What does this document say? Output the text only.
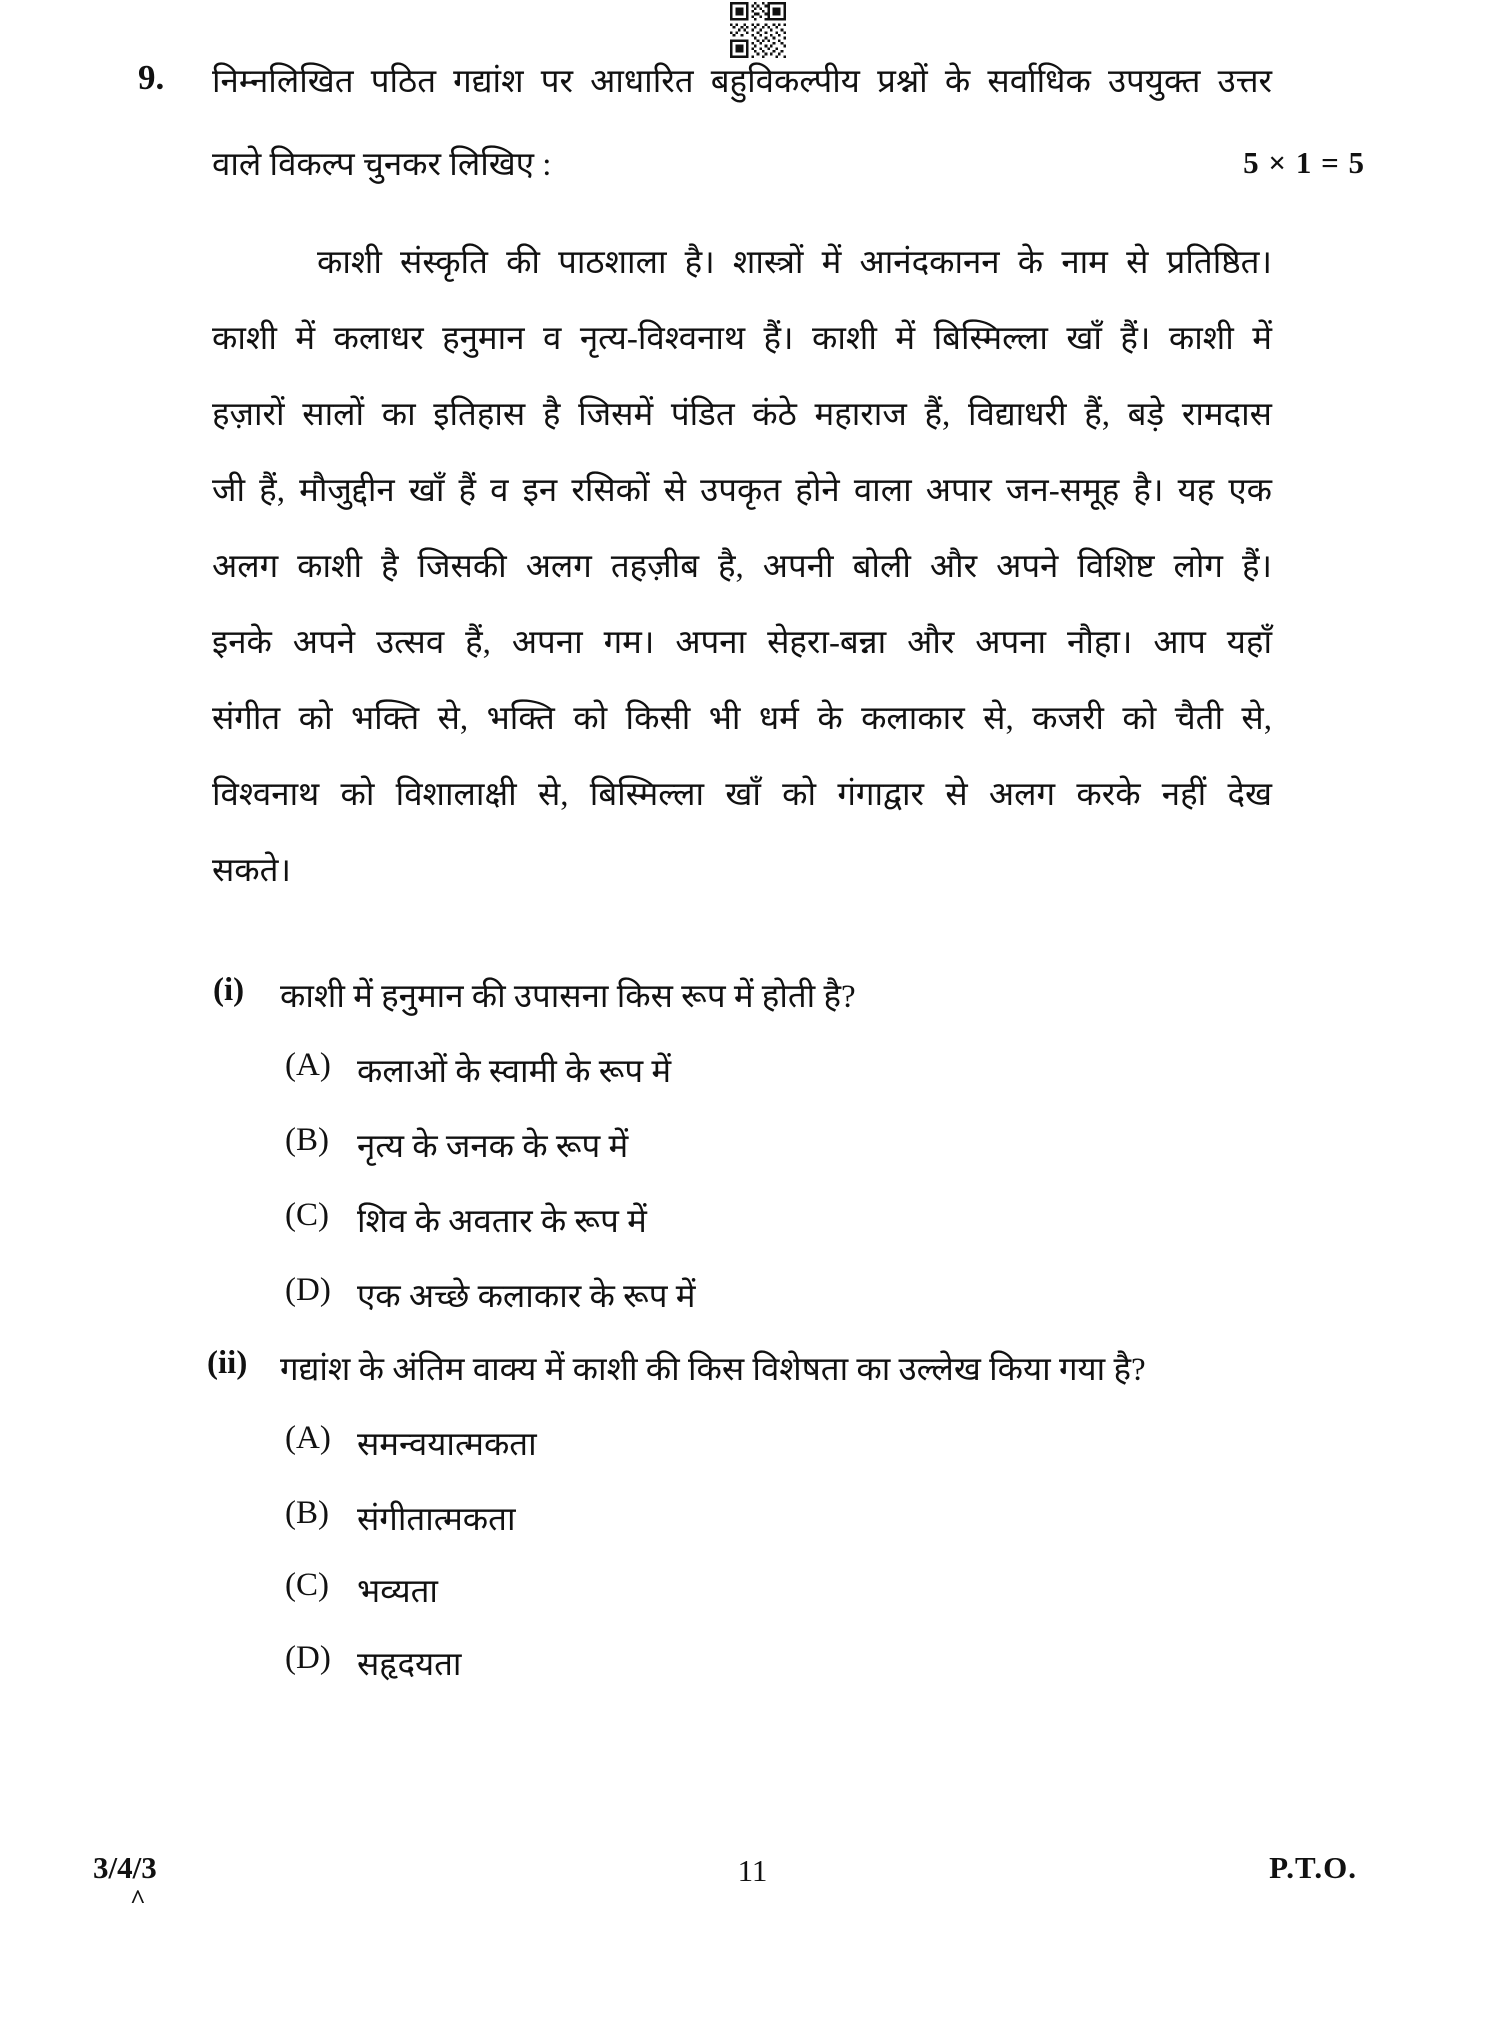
9. निम्नलिखित पठित गद्यांश पर आधारित बहुविकल्पीय प्रश्नों के सर्वाधिक उपयुक्त उत्तर
वाले विकल्प चुनकर लिखिए :	5 × 1 = 5
काशी संस्कृति की पाठशाला है। शास्त्रों में आनंदकानन के नाम से प्रतिष्ठित।
काशी में कलाधर हनुमान व नृत्य-विश्वनाथ हैं। काशी में बिस्मिल्ला खाँ हैं। काशी में
हज़ारों सालों का इतिहास है जिसमें पंडित कंठे महाराज हैं, विद्याधरी हैं, बड़े रामदास
जी हैं, मौजुद्दीन खाँ हैं व इन रसिकों से उपकृत होने वाला अपार जन-समूह है। यह एक
अलग काशी है जिसकी अलग तहज़ीब है, अपनी बोली और अपने विशिष्ट लोग हैं।
इनके अपने उत्सव हैं, अपना गम। अपना सेहरा-बन्ना और अपना नौहा। आप यहाँ
संगीत को भक्ति से, भक्ति को किसी भी धर्म के कलाकार से, कजरी को चैती से,
विश्वनाथ को विशालाक्षी से, बिस्मिल्ला खाँ को गंगाद्वार से अलग करके नहीं देख
सकते।
(i) काशी में हनुमान की उपासना किस रूप में होती है?
(A) कलाओं के स्वामी के रूप में
(B) नृत्य के जनक के रूप में
(C) शिव के अवतार के रूप में
(D) एक अच्छे कलाकार के रूप में
(ii) गद्यांश के अंतिम वाक्य में काशी की किस विशेषता का उल्लेख किया गया है?
(A) समन्वयात्मकता
(B) संगीतात्मकता
(C) भव्यता
(D) सहृदयता
3/4/3
^
11	P.T.O.
